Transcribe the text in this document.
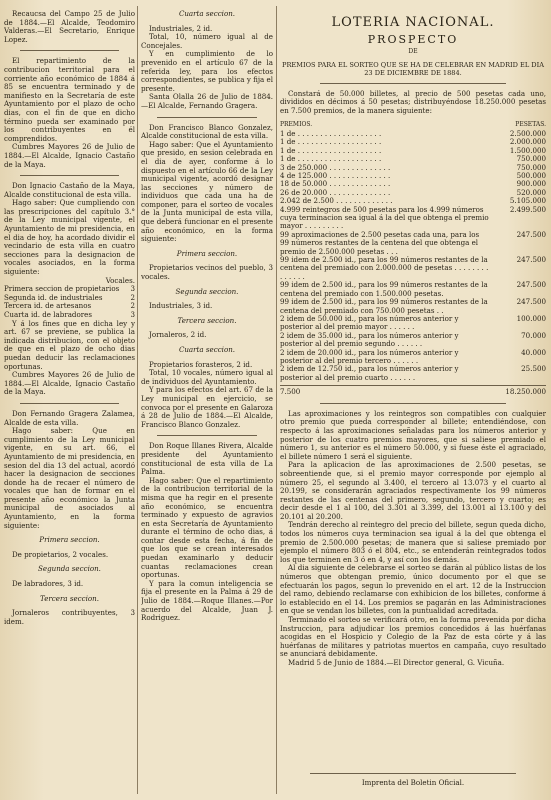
Recaucsa del Campo 25 de Julio de 1884.—El Alcalde, Teodomiro Valderas.—El Secretario, Enrique Lopez.

El repartimiento de la contribucion territorial para el corriente año económico de 1884 á 85 se encuentra terminado y de manifiesto en la Secretaría de este Ayuntamiento por el plazo de ocho dias, con el fin de que en dicho término pueda ser examinado por los contribuyentes en él comprendidos.

Cumbres Mayores 26 de Julio de 1884.—El Alcalde, Ignacio Castaño de la Maya.

Don Ignacio Castaño de la Maya, Alcalde constitucional de esta villa.

Hago saber: Que cumpliendo con las prescripciones del capítulo 3.° de la Ley municipal vigente, el Ayuntamiento de mi presidencia, en el dia de hoy, ha acordado dividir el vecindario de esta villa en cuatro secciones para la designacion de vocales asociados, en la forma siguiente:

Vocales.
Primera seccion de propietarios 3
Segunda id. de industriales	2
Tercera id. de artesanos	2
Cuarta id. de labradores	3

Y á los fines que en dicha ley y art. 67 se previene, se publica la indicada distribucion, con el objeto de que en el plazo de ocho dias puedan deducir las reclamaciones oportunas.

Cumbres Mayores 26 de Julio de 1884.—El Alcalde, Ignacio Castaño de la Maya.

Don Fernando Gragera Zalamea, Alcalde de esta villa.

Hago saber: Que en cumplimiento de la Ley municipal vigente, en su art. 66, el Ayuntamiento de mi presidencia, en sesion del dia 13 del actual, acordó hacer la designacion de secciones donde ha de recaer el número de vocales que han de formar en el presente año económico la Junta municipal de asociados al Ayuntamiento, en la forma siguiente:

Primera seccion.

De propietarios, 2 vocales.

Segunda seccion.

De labradores, 3 id.

Tercera seccion.

Jornaleros contribuyentes, 3 idem.

Cuarta seccion.

Industriales, 2 id.

Total, 10, número igual al de Concejales.

Y en cumplimiento de lo prevenido en el artículo 67 de la referida ley, para los efectos correspondientes, se publica y fija el presente.

Santa Olalla 26 de Julio de 1884.—El Alcalde, Fernando Gragera.

Don Francisco Blanco Gonzalez, Alcalde constitucional de esta villa.

Hago saber: Que el Ayuntamiento que presido, en sesion celebrada en el dia de ayer, conforme á lo dispuesto en el artículo 66 de la Ley municipal vigente, acordó designar las secciones y número de individuos que cada una ha de componer, para el sorteo de vocales de la Junta municipal de esta villa, que deberá funcionar en el presente año económico, en la forma siguiente:

Primera seccion.

Propietarios vecinos del pueblo, 3 vocales.

Segunda seccion.

Industriales, 3 id.

Tercera seccion.

Jornaleros, 2 id.

Cuarta seccion.

Propietarios forasteros, 2 id.

Total, 10 vocales, número igual al de individuos del Ayuntamiento.

Y para los efectos del art. 67 de la Ley municipal en ejercicio, se convoca por el presente en Galaroza á 28 de Julio de 1884.—El Alcalde, Francisco Blanco Gonzalez.

Don Roque Illanes Rivera, Alcalde presidente del Ayuntamiento constitucional de esta villa de La Palma.

Hago saber: Que el repartimiento de la contribucion territorial de la misma que ha regir en el presente año económico, se encuentra terminado y expuesto de agravios en esta Secretaría de Ayuntamiento durante el término de ocho dias, á contar desde esta fecha, á fin de que los que se crean interesados puedan examinarlo y deducir cuantas reclamaciones crean oportunas.

Y para la comun inteligencia se fija el presente en la Palma á 29 de Julio de 1884.—Roque Illanes.—Por acuerdo del Alcalde, Juan J. Rodriguez.

LOTERIA NACIONAL.
PROSPECTO
DE
PREMIOS PARA EL SORTEO QUE SE HA DE CELEBRAR EN MADRID EL DIA 23 DE DICIEMBRE DE 1884.

Constará de 50.000 billetes, al precio de 500 pesetas cada uno, divididos en décimos á 50 pesetas; distribuyéndose 18.250.000 pesetas en 7.500 premios, de la manera siguiente:

PREMIOS.	PESETAS.
1 de . . . . . . . . . . . . . . . . . . .	2.500.000
1 de . . . . . . . . . . . . . . . . . . .	2.000.000
1 de . . . . . . . . . . . . . . . . . . .	1.500.000
1 de . . . . . . . . . . . . . . . . . . .	750.000
3 de 250.000 . . . . . . . . . . . . . .	750.000
4 de 125.000 . . . . . . . . . . . . . .	500.000
18 de 50.000 . . . . . . . . . . . . . .	900.000
26 de 20.000 . . . . . . . . . . . . . .	520.000
2.042 de 2.500 . . . . . . . . . . . . .	5.105.000
4.999 reintegros de 500 pesetas para los 4.999 números cuya terminacion sea igual á la del que obtenga el premio mayor . . . . . . . . .	2.499.500
99 aproximaciones de 2.500 pesetas cada una, para los 99 números restantes de la centena del que obtenga el premio de 2.500.000 pesetas . . .	247.500
99 idem de 2.500 id., para los 99 números restantes de la centena del premiado con 2.000.000 de pesetas . . . . . . . . . . . . . .	247.500
99 idem de 2.500 id., para los 99 números restantes de la centena del premiado con 1.500.000 pesetas.	247.500
99 idem de 2.500 id., para los 99 números restantes de la centena del premiado con 750.000 pesetas . .	247.500
2 idem de 50.000 id., para los números anterior y posterior al del premio mayor . . . . . .	100.000
2 idem de 35.000 id., para los números anterior y posterior al del premio segundo . . . . . .	70.000
2 idem de 20.000 id., para los números anterior y posterior al del premio tercero . . . . . .	40.000
2 idem de 12.750 id., para los números anterior y posterior al del premio cuarto . . . . . .	25.500
7.500	18.250.000

Las aproximaciones y los reintegros son compatibles con cualquier otro premio que pueda corresponder al billete; entendiéndose, con respecto á las aproximaciones señaladas para los números anterior y posterior de los cuatro premios mayores, que si saliese premiado el número 1, su anterior es el número 50.000, y si fuese éste el agraciado, el billete número 1 será el siguiente.

Para la aplicacion de las aproximaciones de 2.500 pesetas, se sobreentiende que, si el premio mayor corresponde por ejemplo al número 25, el segundo al 3.400, el tercero al 13.073 y el cuarto al 20.199, se considerarán agraciados respectivamente los 99 números restantes de las centenas del primero, segundo, tercero y cuarto; es decir desde el 1 al 100, del 3.301 al 3.399, del 13.001 al 13.100 y del 20.101 al 20.200.

Tendrán derecho al reintegro del precio del billete, segun queda dicho, todos los números cuya terminacion sea igual á la del que obtenga el premio de 2.500.000 pesetas; de manera que si saliese premiado por ejemplo el número 803 ó el 804, etc., se entenderán reintegrados todos los que terminen en 3 ó en 4, y así con los demás.

Al dia siguiente de celebrarse el sorteo se darán al público listas de los números que obtengan premio, único documento por el que se efectuarán los pagos, segun lo prevenido en el art. 12 de la Instruccion del ramo, debiendo reclamarse con exhibicion de los billetes, conforme á lo establecido en el 14. Los premios se pagarán en las Administraciones en que se vendan los billetes, con la puntualidad acreditada.

Terminado el sorteo se verificará otro, en la forma prevenida por dicha Instruccion, para adjudicar los premios concedidos á las huérfanas acogidas en el Hospicio y Colegio de la Paz de esta córte y á las huérfanas de militares y patriotas muertos en campaña, cuyo resultado se anunciará debidamente.

Madrid 5 de Junio de 1884.—El Director general, G. Vicuña.

Imprenta del Boletin Oficial.
